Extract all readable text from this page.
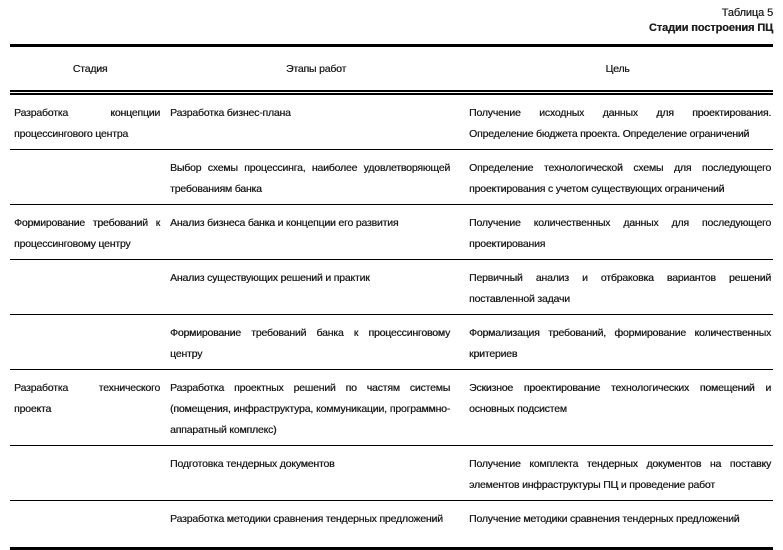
Таблица 5
Стадии построения ПЦ
Стадия	Этапы работ	Цель
Разработка концепции процессингового центра	Разработка бизнес-плана	Получение исходных данных для проектирования. Определение бюджета проекта. Определение ограничений
	Выбор схемы процессинга, наиболее удовлетворяющей требованиям банка	Определение технологической схемы для последующего проектирования с учетом существующих ограничений
Формирование требований к процессинговому центру	Анализ бизнеса банка и концепции его развития	Получение количественных данных для последующего проектирования
	Анализ существующих решений и практик	Первичный анализ и отбраковка вариантов решений поставленной задачи
	Формирование требований банка к процессинговому центру	Формализация требований, формирование количественных критериев
Разработка технического проекта	Разработка проектных решений по частям системы (помещения, инфраструктура, коммуникации, программно-аппаратный комплекс)	Эскизное проектирование технологических помещений и основных подсистем
	Подготовка тендерных документов	Получение комплекта тендерных документов на поставку элементов инфраструктуры ПЦ и проведение работ
	Разработка методики сравнения тендерных предложений	Получение методики сравнения тендерных предложений
